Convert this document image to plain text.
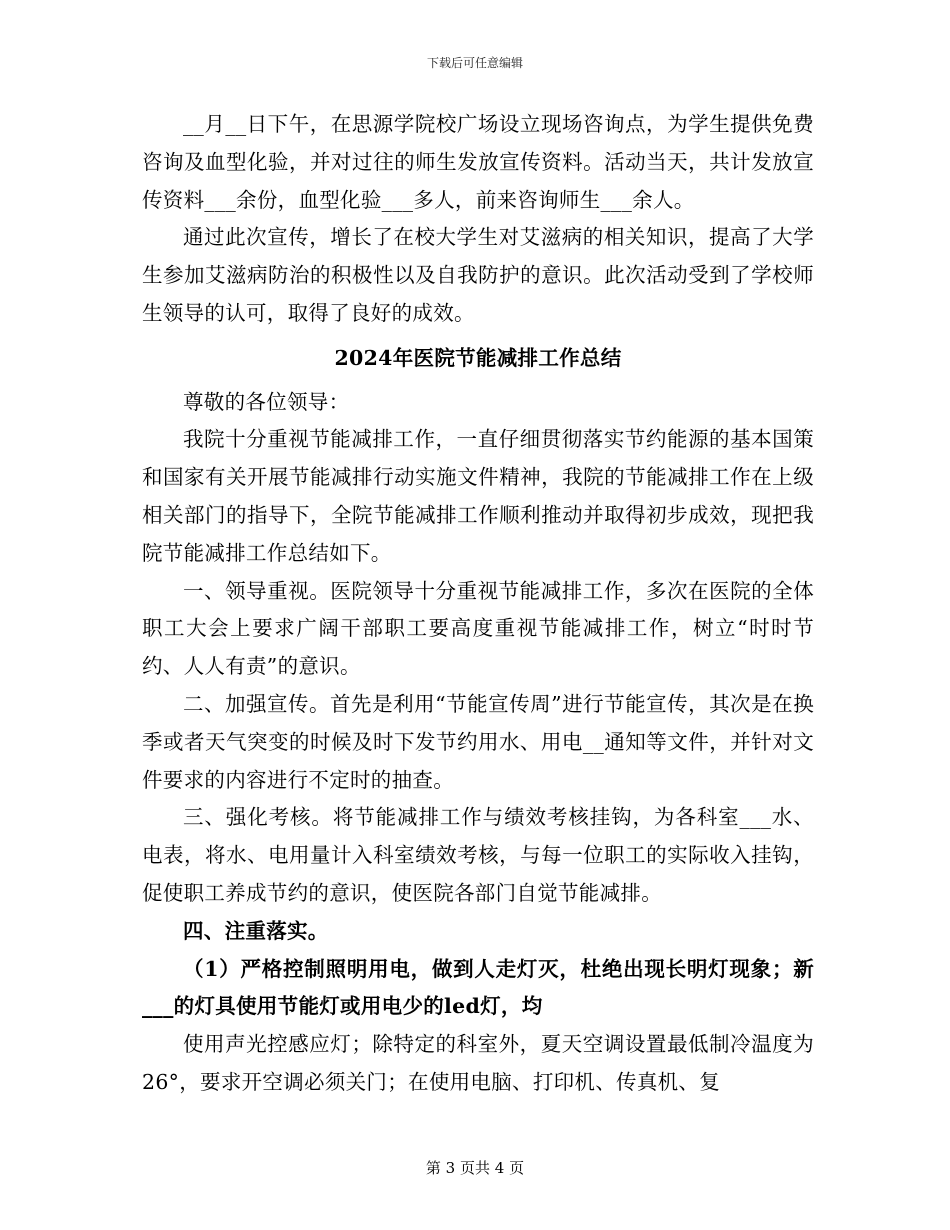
下载后可任意编辑

__月__日下午，在思源学院校广场设立现场咨询点，为学生提供免费咨询及血型化验，并对过往的师生发放宣传资料。活动当天，共计发放宣传资料___余份，血型化验___多人，前来咨询师生___余人。

通过此次宣传，增长了在校大学生对艾滋病的相关知识，提高了大学生参加艾滋病防治的积极性以及自我防护的意识。此次活动受到了学校师生领导的认可，取得了良好的成效。

2024年医院节能减排工作总结

尊敬的各位领导：

我院十分重视节能减排工作，一直仔细贯彻落实节约能源的基本国策和国家有关开展节能减排行动实施文件精神，我院的节能减排工作在上级相关部门的指导下，全院节能减排工作顺利推动并取得初步成效，现把我院节能减排工作总结如下。

一、领导重视。医院领导十分重视节能减排工作，多次在医院的全体职工大会上要求广阔干部职工要高度重视节能减排工作，树立“时时节约、人人有责”的意识。

二、加强宣传。首先是利用“节能宣传周”进行节能宣传，其次是在换季或者天气突变的时候及时下发节约用水、用电__通知等文件，并针对文件要求的内容进行不定时的抽查。

三、强化考核。将节能减排工作与绩效考核挂钩，为各科室___水、电表，将水、电用量计入科室绩效考核，与每一位职工的实际收入挂钩，促使职工养成节约的意识，使医院各部门自觉节能减排。

四、注重落实。

（1）严格控制照明用电，做到人走灯灭，杜绝出现长明灯现象；新___的灯具使用节能灯或用电少的led灯，均

使用声光控感应灯；除特定的科室外，夏天空调设置最低制冷温度为26°，要求开空调必须关门；在使用电脑、打印机、传真机、复

第 3 页共 4 页
